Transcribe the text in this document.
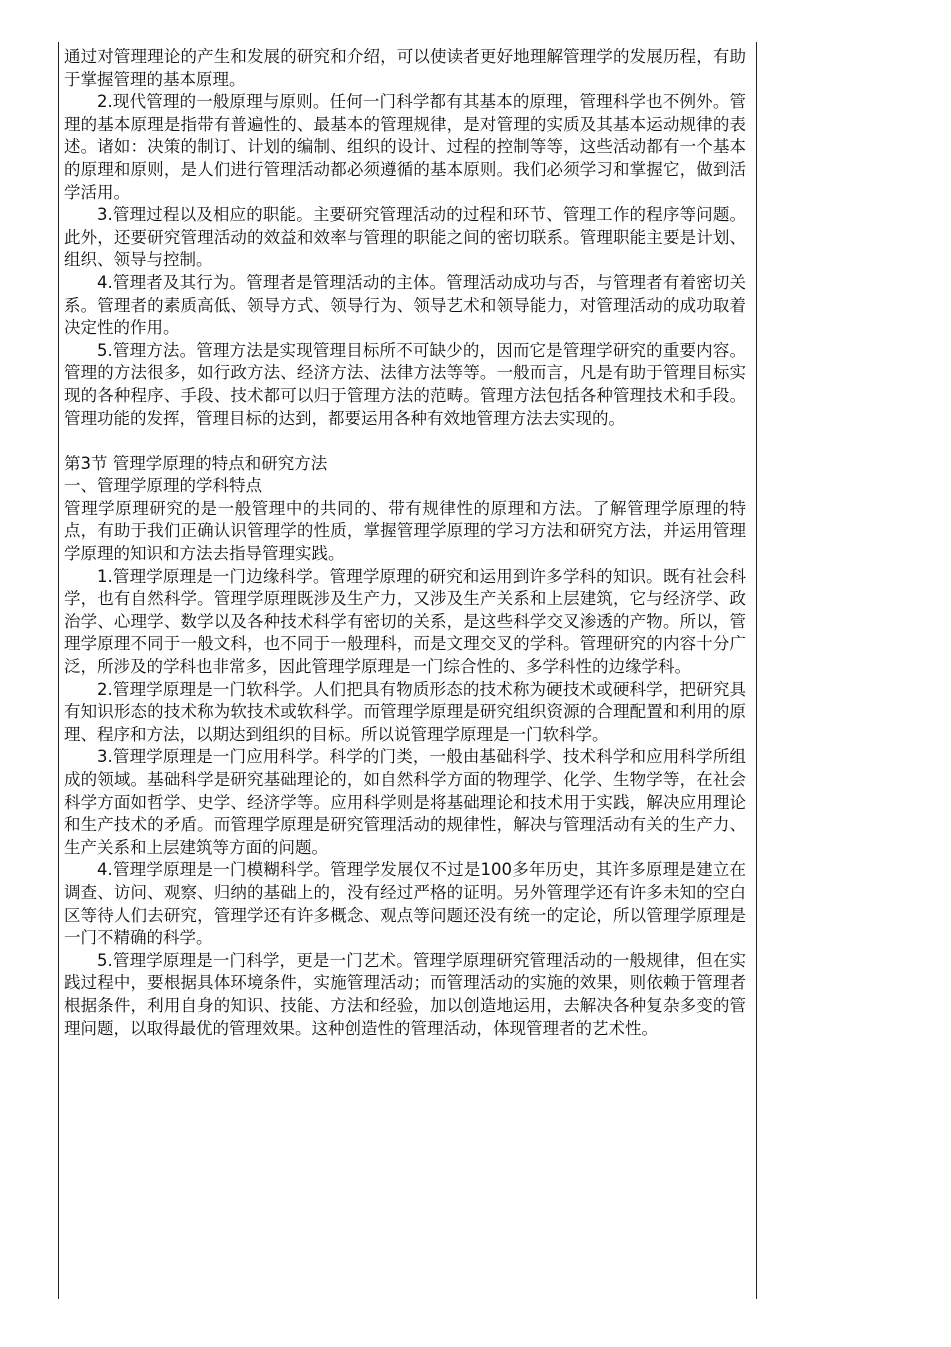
通过对管理理论的产生和发展的研究和介绍，可以使读者更好地理解管理学的发展历程，有助于掌握管理的基本原理。

2.现代管理的一般原理与原则。任何一门科学都有其基本的原理，管理科学也不例外。管理的基本原理是指带有普遍性的、最基本的管理规律，是对管理的实质及其基本运动规律的表述。诸如：决策的制订、计划的编制、组织的设计、过程的控制等等，这些活动都有一个基本的原理和原则，是人们进行管理活动都必须遵循的基本原则。我们必须学习和掌握它，做到活学活用。

3.管理过程以及相应的职能。主要研究管理活动的过程和环节、管理工作的程序等问题。此外，还要研究管理活动的效益和效率与管理的职能之间的密切联系。管理职能主要是计划、组织、领导与控制。

4.管理者及其行为。管理者是管理活动的主体。管理活动成功与否，与管理者有着密切关系。管理者的素质高低、领导方式、领导行为、领导艺术和领导能力，对管理活动的成功取着决定性的作用。

5.管理方法。管理方法是实现管理目标所不可缺少的，因而它是管理学研究的重要内容。管理的方法很多，如行政方法、经济方法、法律方法等等。一般而言，凡是有助于管理目标实现的各种程序、手段、技术都可以归于管理方法的范畴。管理方法包括各种管理技术和手段。管理功能的发挥，管理目标的达到，都要运用各种有效地管理方法去实现的。

第3节 管理学原理的特点和研究方法

一、管理学原理的学科特点

管理学原理研究的是一般管理中的共同的、带有规律性的原理和方法。了解管理学原理的特点，有助于我们正确认识管理学的性质，掌握管理学原理的学习方法和研究方法，并运用管理学原理的知识和方法去指导管理实践。

1.管理学原理是一门边缘科学。管理学原理的研究和运用到许多学科的知识。既有社会科学，也有自然科学。管理学原理既涉及生产力，又涉及生产关系和上层建筑，它与经济学、政治学、心理学、数学以及各种技术科学有密切的关系，是这些科学交叉渗透的产物。所以，管理学原理不同于一般文科，也不同于一般理科，而是文理交叉的学科。管理研究的内容十分广泛，所涉及的学科也非常多，因此管理学原理是一门综合性的、多学科性的边缘学科。

2.管理学原理是一门软科学。人们把具有物质形态的技术称为硬技术或硬科学，把研究具有知识形态的技术称为软技术或软科学。而管理学原理是研究组织资源的合理配置和利用的原理、程序和方法，以期达到组织的目标。所以说管理学原理是一门软科学。

3.管理学原理是一门应用科学。科学的门类，一般由基础科学、技术科学和应用科学所组成的领域。基础科学是研究基础理论的，如自然科学方面的物理学、化学、生物学等，在社会科学方面如哲学、史学、经济学等。应用科学则是将基础理论和技术用于实践，解决应用理论和生产技术的矛盾。而管理学原理是研究管理活动的规律性，解决与管理活动有关的生产力、生产关系和上层建筑等方面的问题。

4.管理学原理是一门模糊科学。管理学发展仅不过是100多年历史，其许多原理是建立在调查、访问、观察、归纳的基础上的，没有经过严格的证明。另外管理学还有许多未知的空白区等待人们去研究，管理学还有许多概念、观点等问题还没有统一的定论，所以管理学原理是一门不精确的科学。

5.管理学原理是一门科学，更是一门艺术。管理学原理研究管理活动的一般规律，但在实践过程中，要根据具体环境条件，实施管理活动；而管理活动的实施的效果，则依赖于管理者根据条件，利用自身的知识、技能、方法和经验，加以创造地运用，去解决各种复杂多变的管理问题，以取得最优的管理效果。这种创造性的管理活动，体现管理者的艺术性。
